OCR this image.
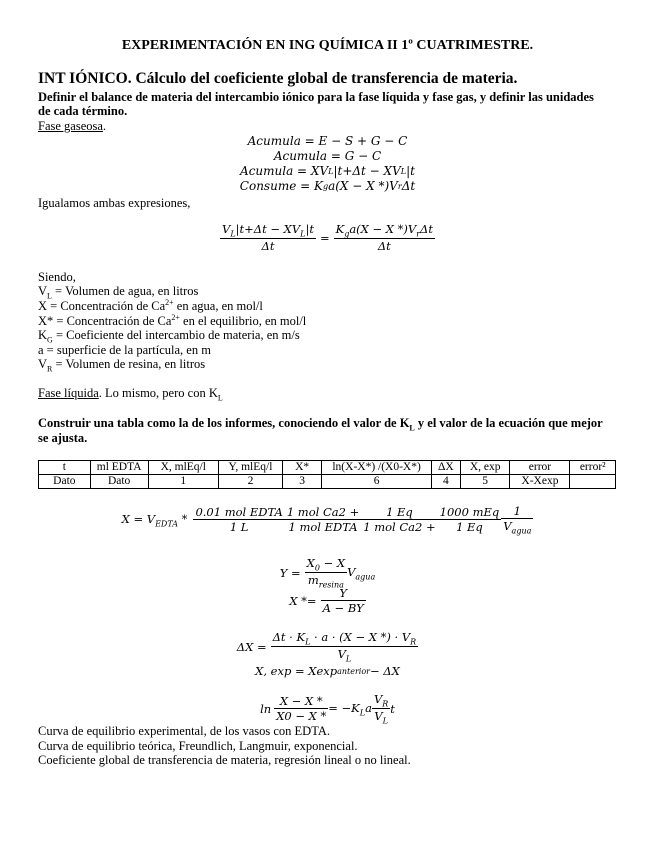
EXPERIMENTACIÓN EN ING QUÍMICA II 1º CUATRIMESTRE.
INT IÓNICO. Cálculo del coeficiente global de transferencia de materia.
Definir el balance de materia del intercambio iónico para la fase líquida y fase gas, y definir las unidades
de cada término.
Fase gaseosa.
Acumula = E − S + G − C
Acumula = G − C
Acumula = XV L |t+Δt − XV L |t
Consume = K g a(X − X *)V r Δt
Igualamos ambas expresiones,
$\frac{V_L|t+\Delta t - XV_L|t}{\Delta t} = \frac{K_ga(X - X *)V_r\Delta t}{\Delta t}$
Siendo,
$V_L$ = Volumen de agua, en litros
X = Concentración de $Ca^{2+}$ en agua, en mol/l
X* = Concentración de $Ca^{2+}$ en el equilibrio, en mol/l
$K_G$ = Coeficiente del intercambio de materia, en m/s
a = superficie de la partícula, en m
$V_R$ = Volumen de resina, en litros
Fase líquida. Lo mismo, pero con $K_L$
Construir una tabla como la de los informes, conociendo el valor de $K_L$ y el valor de la ecuación que mejor
se ajusta.
t	ml EDTA	X, mlEq/l	Y, mlEq/l	X*	ln(X-X*) /(X0-X*)	ΔX	X, exp	error	error²
Dato	Dato	1	2	3	6	4	5	X-Xexp	
$X = V_{EDTA} * \frac{\text{0.01 mol EDTA}}{1 L} \frac{\text{1 mol Ca2 +}}{\text{1 mol EDTA}} \frac{1 Eq}{\text{1 mol Ca2 +}} \frac{\text{1000 mEq}}{1 Eq} \frac{1}{V_{agua}}$
$Y = \frac{X_0 - X}{m_{resina}} V_{agua}$
$X *= \frac{Y}{A - BY}$
$\Delta X = \frac{\Delta t \cdot K_L \cdot a \cdot (X - X *) \cdot V_R}{V_L}$
X, exp = Xexp anterior − ΔX
$\ln \frac{X - X *}{X0 - X *} = -K_La \frac{V_R}{V_L}$ t
Curva de equilibrio experimental, de los vasos con EDTA.
Curva de equilibrio teórica, Freundlich, Langmuir, exponencial.
Coeficiente global de transferencia de materia, regresión lineal o no lineal.
